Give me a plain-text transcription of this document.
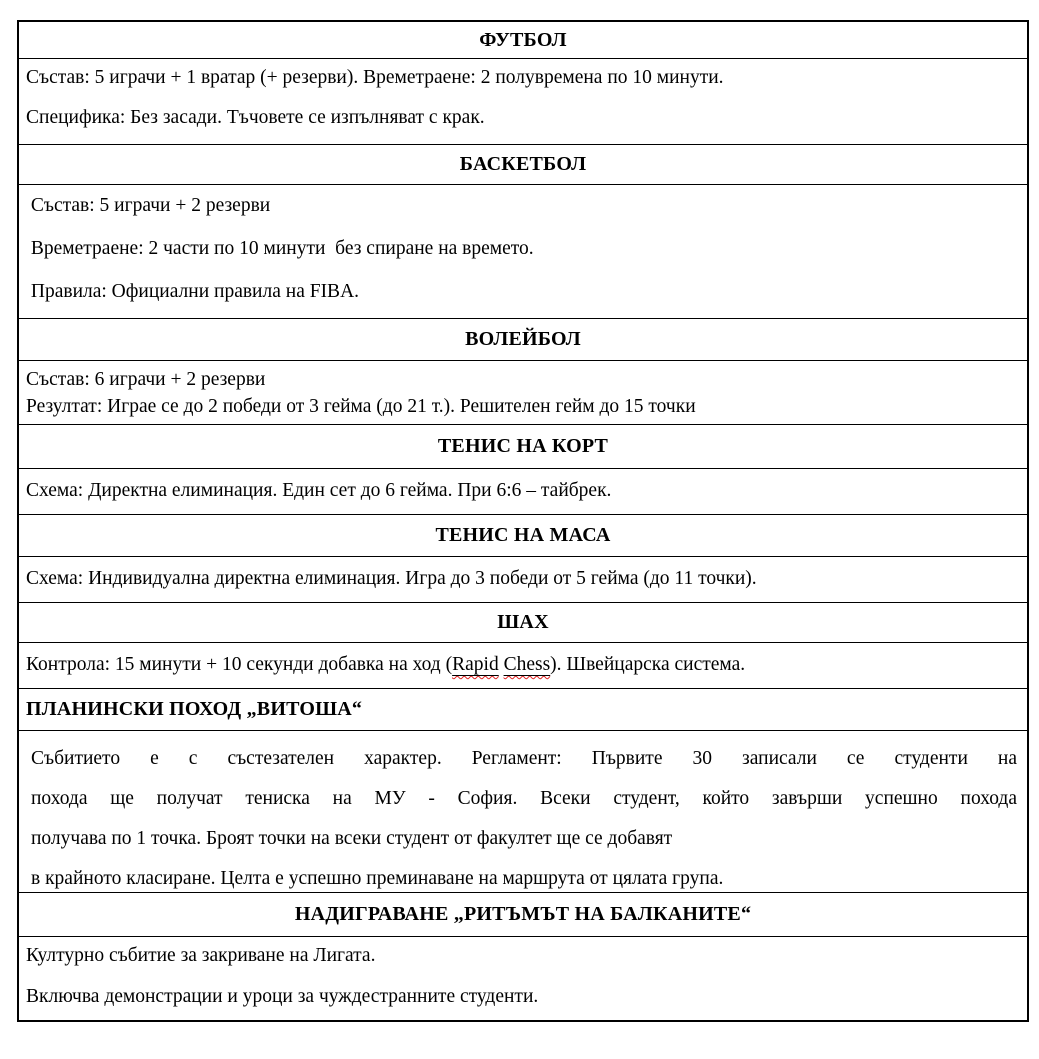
ФУТБОЛ

Състав: 5 играчи + 1 вратар (+ резерви). Времетраене: 2 полувремена по 10 минути.

Специфика: Без засади. Тъчовете се изпълняват с крак.

БАСКЕТБОЛ

Състав: 5 играчи + 2 резерви

Времетраене: 2 части по 10 минути  без спиране на времето.

Правила: Официални правила на FIBA.

ВОЛЕЙБОЛ

Състав: 6 играчи + 2 резерви

Резултат: Играе се до 2 победи от 3 гейма (до 21 т.). Решителен гейм до 15 точки

ТЕНИС НА КОРТ

Схема: Директна елиминация. Един сет до 6 гейма. При 6:6 – тайбрек.

ТЕНИС НА МАСА

Схема: Индивидуална директна елиминация. Игра до 3 победи от 5 гейма (до 11 точки).

ШАХ

Контрола: 15 минути + 10 секунди добавка на ход (Rapid Chess). Швейцарска система.

ПЛАНИНСКИ ПОХОД „ВИТОША“
Събитието е с състезателен характер. Регламент: Първите 30 записали се студенти на
похода ще получат тениска на МУ - София. Всеки студент, който завърши успешно похода
получава по 1 точка. Броят точки на всеки студент от факултет ще се добавят
в крайното класиране. Целта е успешно преминаване на маршрута от цялата група.
НАДИГРАВАНЕ „РИТЪМЪТ НА БАЛКАНИТЕ“

Културно събитие за закриване на Лигата.

Включва демонстрации и уроци за чуждестранните студенти.
